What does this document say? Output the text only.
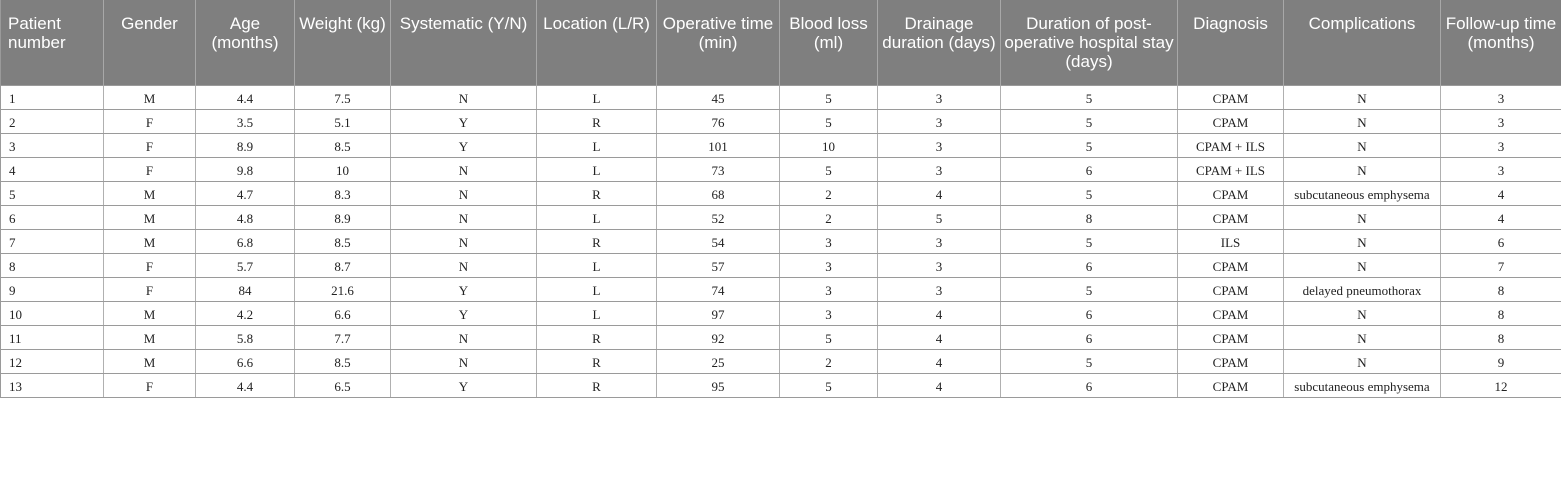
Patient number	Gender	Age (months)	Weight (kg)	Systematic (Y/N)	Location (L/R)	Operative time (min)	Blood loss (ml)	Drainage duration (days)	Duration of post-operative hospital stay (days)	Diagnosis	Complications	Follow-up time (months)
1	M	4.4	7.5	N	L	45	5	3	5	CPAM	N	3
2	F	3.5	5.1	Y	R	76	5	3	5	CPAM	N	3
3	F	8.9	8.5	Y	L	101	10	3	5	CPAM + ILS	N	3
4	F	9.8	10	N	L	73	5	3	6	CPAM + ILS	N	3
5	M	4.7	8.3	N	R	68	2	4	5	CPAM	subcutaneous emphysema	4
6	M	4.8	8.9	N	L	52	2	5	8	CPAM	N	4
7	M	6.8	8.5	N	R	54	3	3	5	ILS	N	6
8	F	5.7	8.7	N	L	57	3	3	6	CPAM	N	7
9	F	84	21.6	Y	L	74	3	3	5	CPAM	delayed pneumothorax	8
10	M	4.2	6.6	Y	L	97	3	4	6	CPAM	N	8
11	M	5.8	7.7	N	R	92	5	4	6	CPAM	N	8
12	M	6.6	8.5	N	R	25	2	4	5	CPAM	N	9
13	F	4.4	6.5	Y	R	95	5	4	6	CPAM	subcutaneous emphysema	12
